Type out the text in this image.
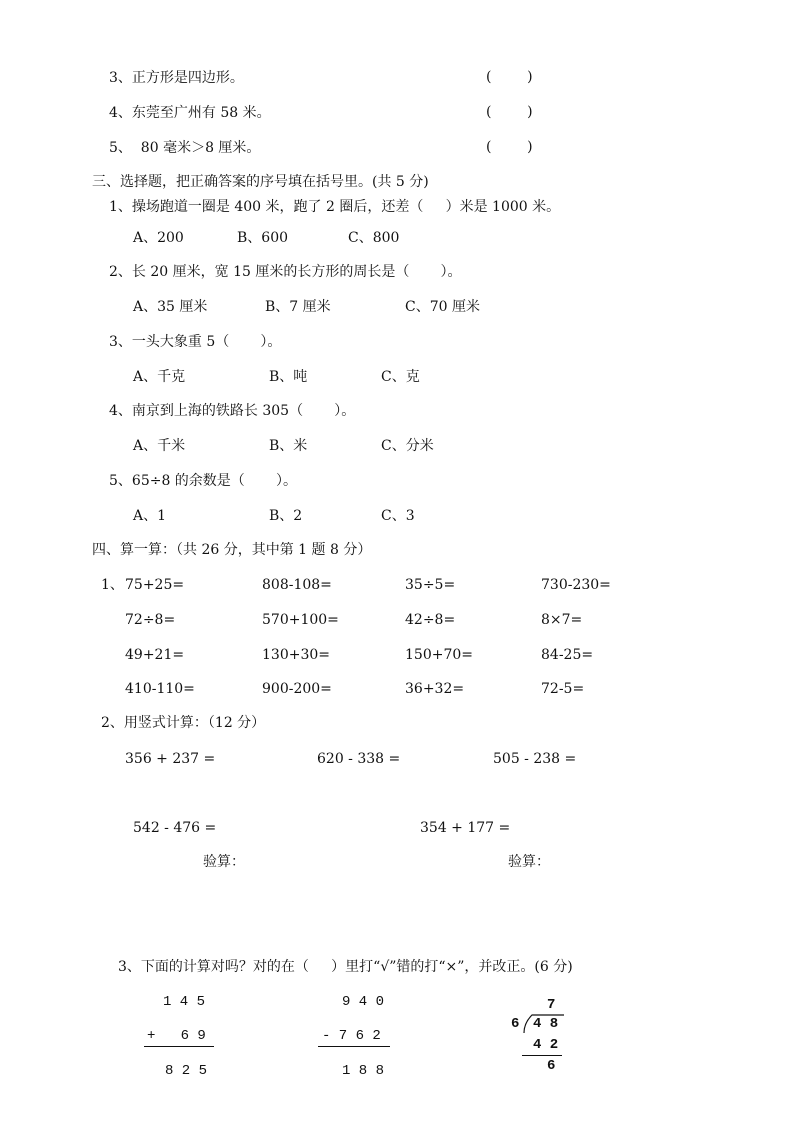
3、正方形是四边形。	(        )
4、东莞至广州有 58 米。	(        )
5、  80 毫米＞8 厘米。	(        )
三、选择题，把正确答案的序号填在括号里。(共 5 分)
1、操场跑道一圈是 400 米，跑了 2 圈后，还差（     ）米是 1000 米。
A、200	B、600	C、800
2、长 20 厘米，宽 15 厘米的长方形的周长是（       ）。
A、35 厘米	B、7 厘米	C、70 厘米
3、一头大象重 5（       ）。
A、千克	B、吨	C、克
4、南京到上海的铁路长 305（       ）。
A、千米	B、米	C、分米
5、65÷8 的余数是（       ）。
A、1	B、2	C、3
四、算一算：（共 26 分，其中第 1 题 8 分）
1、 75+25=	808-108=	35÷5=	730-230=
72÷8=	570+100=	42÷8=	8×7=
49+21=	130+30=	150+70=	84-25=
410-110=	900-200=	36+32=	72-5=
2、用竖式计算：（12 分）
356 + 237 =	620 - 338 =	505 - 238 =
542 - 476 =	354 + 177 =
验算：	验算：
3、下面的计算对吗？对的在（     ）里打“√”错的打“×”，并改正。(6 分)
1 4 5
+   6 9
8 2 5
9 4 0
- 7 6 2
1 8 8
7
6 4 8
4 2
6
